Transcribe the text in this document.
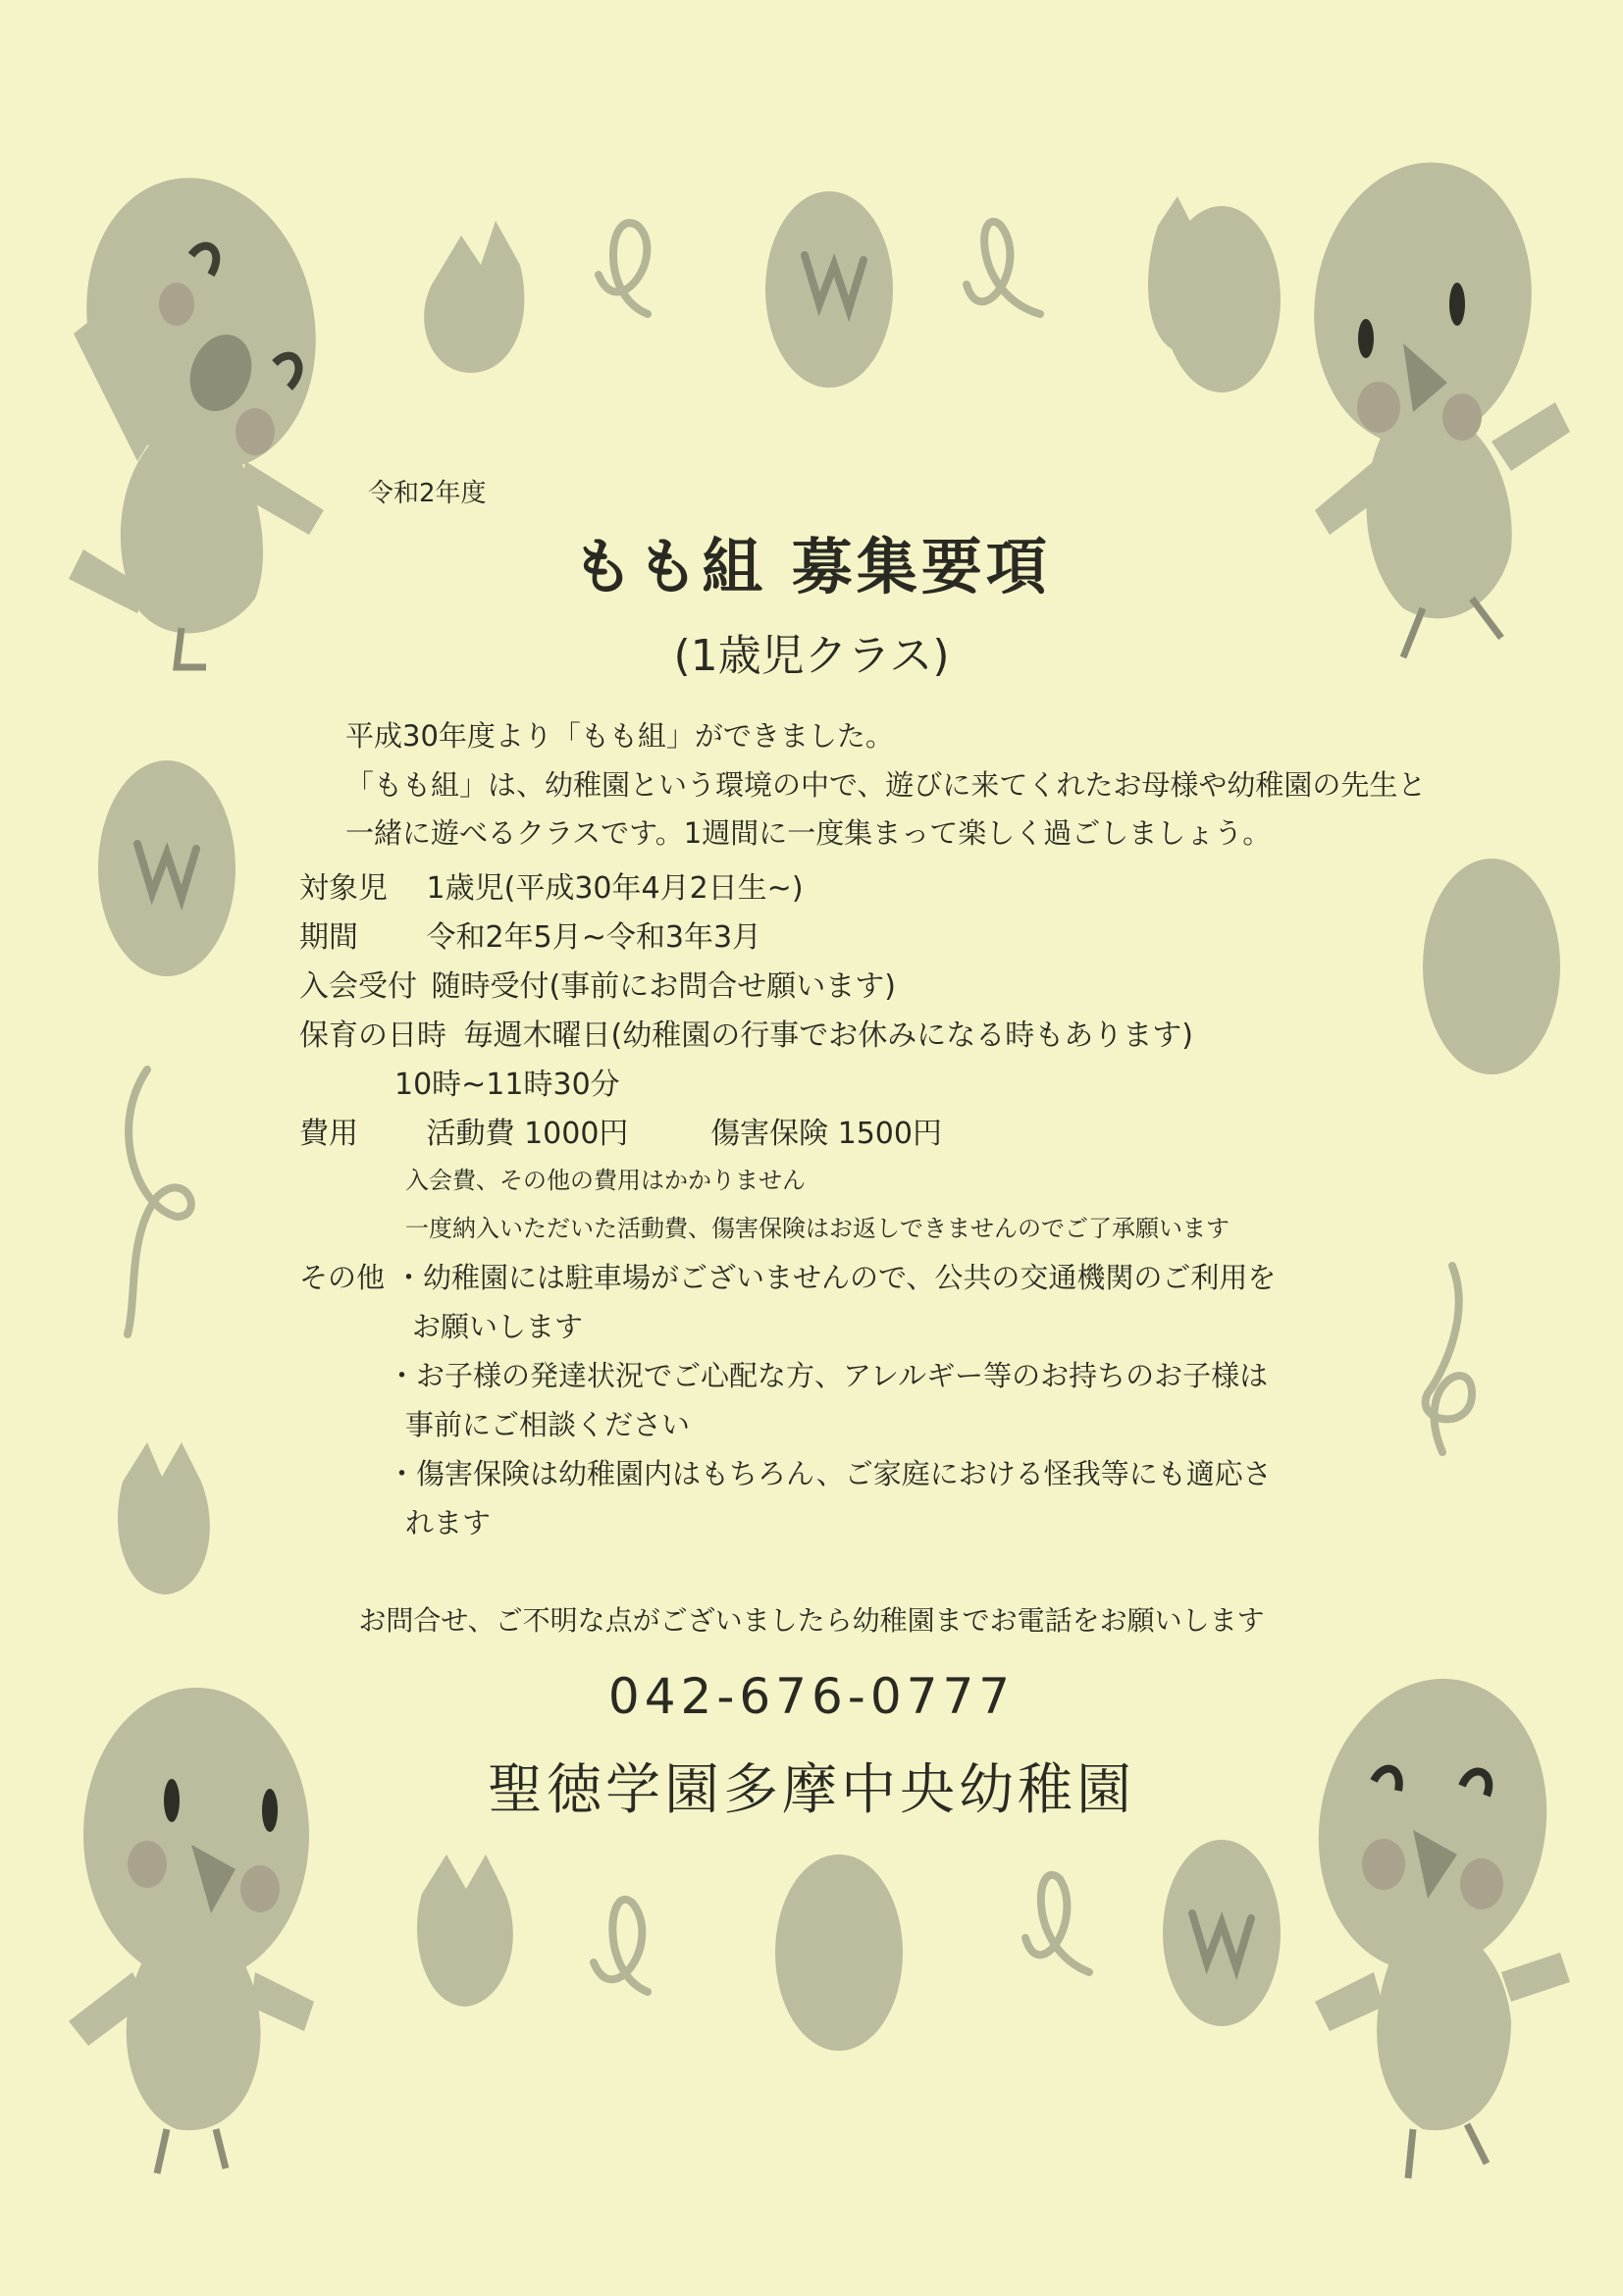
令和2年度
もも組 募集要項
(1歳児クラス)
平成30年度より「もも組」ができました。
「もも組」は、幼稚園という環境の中で、遊びに来てくれたお母様や幼稚園の先生と
一緒に遊べるクラスです。1週間に一度集まって楽しく過ごしましょう。
対象児 1歳児(平成30年4月2日生~)
期間 令和2年5月~令和3年3月
入会受付 随時受付(事前にお問合せ願います)
保育の日時 毎週木曜日(幼稚園の行事でお休みになる時もあります)
10時~11時30分
費用 活動費 1000円	傷害保険 1500円
入会費、その他の費用はかかりません
一度納入いただいた活動費、傷害保険はお返しできませんのでご了承願います
その他 ・幼稚園には駐車場がございませんので、公共の交通機関のご利用を
お願いします
・お子様の発達状況でご心配な方、アレルギー等のお持ちのお子様は
事前にご相談ください
・傷害保険は幼稚園内はもちろん、ご家庭における怪我等にも適応さ
れます
お問合せ、ご不明な点がございましたら幼稚園までお電話をお願いします
042-676-0777
聖徳学園多摩中央幼稚園
